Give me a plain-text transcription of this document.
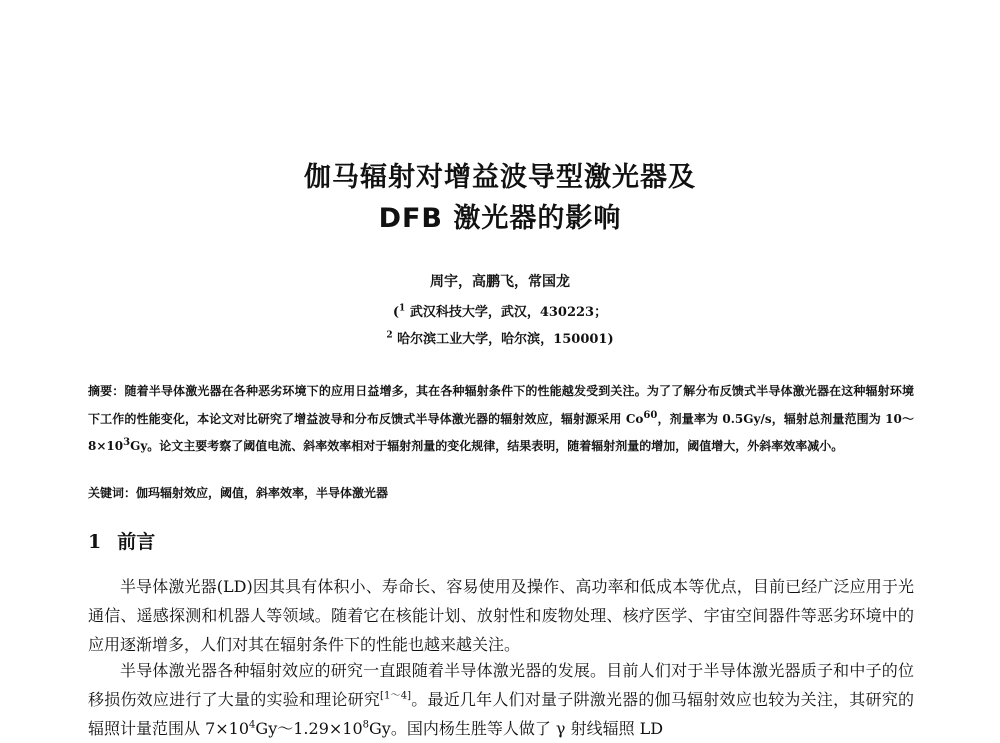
伽马辐射对增益波导型激光器及
DFB 激光器的影响
周宇，高鹏飞，常国龙
($^1$ 武汉科技大学，武汉，430223；
$^2$ 哈尔滨工业大学，哈尔滨，150001)
摘要：随着半导体激光器在各种恶劣环境下的应用日益增多，其在各种辐射条件下的性能越发受到关注。为了了解分布反馈式半导体激光器在这种辐射环境下工作的性能变化，本论文对比研究了增益波导和分布反馈式半导体激光器的辐射效应，辐射源采用 Co$^{60}$，剂量率为 0.5Gy/s，辐射总剂量范围为 $10\sim 8\times 10^3Gy$。论文主要考察了阈值电流、斜率效率相对于辐射剂量的变化规律，结果表明，随着辐射剂量的增加，阈值增大，外斜率效率减小。
关键词：伽玛辐射效应，阈值，斜率效率，半导体激光器
1 前言

半导体激光器(LD)因其具有体积小、寿命长、容易使用及操作、高功率和低成本等优点，目前已经广泛应用于光通信、遥感探测和机器人等领域。随着它在核能计划、放射性和废物处理、核疗医学、宇宙空间器件等恶劣环境中的应用逐渐增多，人们对其在辐射条件下的性能也越来越关注。

半导体激光器各种辐射效应的研究一直跟随着半导体激光器的发展。目前人们对于半导体激光器质子和中子的位移损伤效应进行了大量的实验和理论研究[1～4]。最近几年人们对量子阱激光器的伽马辐射效应也较为关注，其研究的辐照计量范围从 $7\times 10^4Gy\sim 1.29\times 10^8Gy$。国内杨生胜等人做了 γ 射线辐照 LD
